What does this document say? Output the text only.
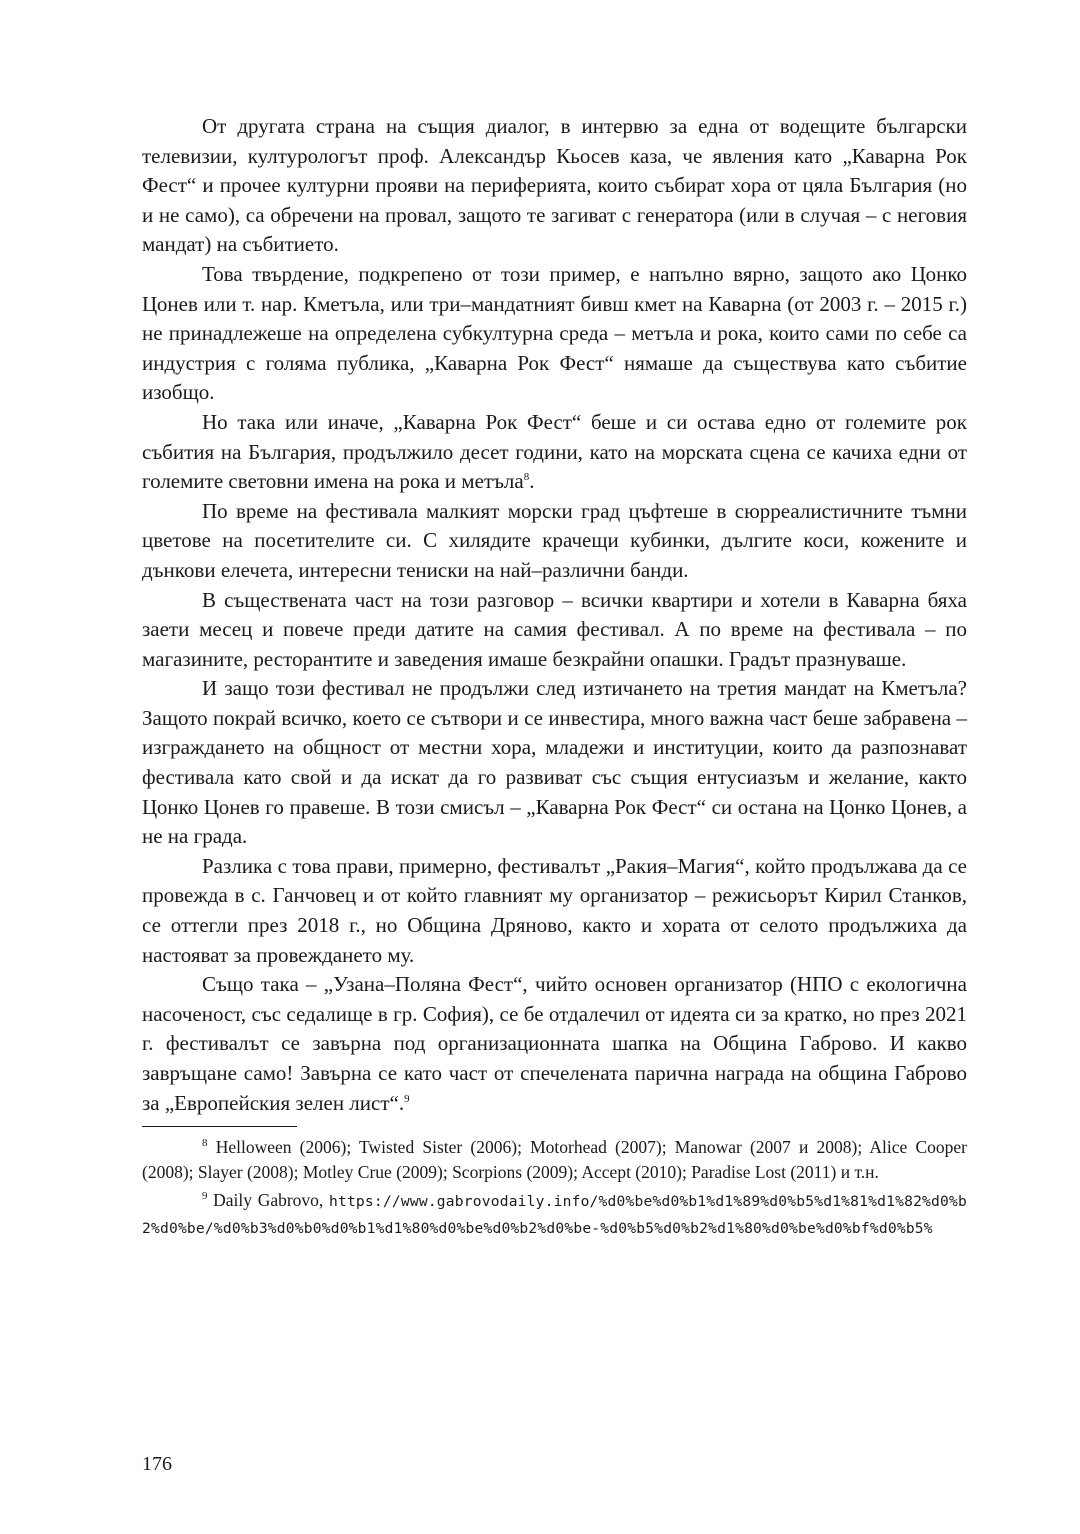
От другата страна на същия диалог, в интервю за една от водещите български телевизии, културологът проф. Александър Кьосев каза, че явления като „Каварна Рок Фест“ и прочее културни прояви на периферията, които събират хора от цяла България (но и не само), са обречени на провал, защото те загиват с генератора (или в случая – с неговия мандат) на събитието.

Това твърдение, подкрепено от този пример, е напълно вярно, защото ако Цонко Цонев или т. нар. Кметъла, или три–мандатният бивш кмет на Каварна (от 2003 г. – 2015 г.) не принадлежеше на определена субкултурна среда – метъла и рока, които сами по себе са индустрия с голяма публика, „Каварна Рок Фест“ нямаше да съществува като събитие изобщо.

Но така или иначе, „Каварна Рок Фест“ беше и си остава едно от големите рок събития на България, продължило десет години, като на морската сцена се качиха едни от големите световни имена на рока и метъла$^8$.

По време на фестивала малкият морски град цъфтеше в сюрреалистичните тъмни цветове на посетителите си. С хилядите крачещи кубинки, дългите коси, кожените и дънкови елечета, интересни тениски на най–различни банди.

В съществената част на този разговор – всички квартири и хотели в Каварна бяха заети месец и повече преди датите на самия фестивал. А по време на фестивала – по магазините, ресторантите и заведения имаше безкрайни опашки. Градът празнуваше.

И защо този фестивал не продължи след изтичането на третия мандат на Кметъла? Защото покрай всичко, което се сътвори и се инвестира, много важна част беше забравена – изграждането на общност от местни хора, младежи и институции, които да разпознават фестивала като свой и да искат да го развиват със същия ентусиазъм и желание, както Цонко Цонев го правеше. В този смисъл – „Каварна Рок Фест“ си остана на Цонко Цонев, а не на града.

Разлика с това прави, примерно, фестивалът „Ракия–Магия“, който продължава да се провежда в с. Ганчовец и от който главният му организатор – режисьорът Кирил Станков, се оттегли през 2018 г., но Община Дряново, както и хората от селото продължиха да настояват за провеждането му.

Също така – „Узана–Поляна Фест“, чийто основен организатор (НПО с екологична насоченост, със седалище в гр. София), се бе отдалечил от идеята си за кратко, но през 2021 г. фестивалът се завърна под организационната шапка на Община Габрово. И какво завръщане само! Завърна се като част от спечелената парична награда на община Габрово за „Европейския зелен лист“.$^9$

$^8$ Helloween (2006); Twisted Sister (2006); Motorhead (2007); Manowar (2007 и 2008); Alice Cooper (2008); Slayer (2008); Motley Crue (2009); Scorpions (2009); Accept (2010); Paradise Lost (2011) и т.н.

$^9$ Daily Gabrovo, https://www.gabrovodaily.info/%d0%be%d0%b1%d1%89%d0%b5%d1%81%d1%82%d0%b2%d0%be/%d0%b3%d0%b0%d0%b1%d1%80%d0%be%d0%b2%d0%be-%d0%b5%d0%b2%d1%80%d0%be%d0%bf%d0%b5%

176
